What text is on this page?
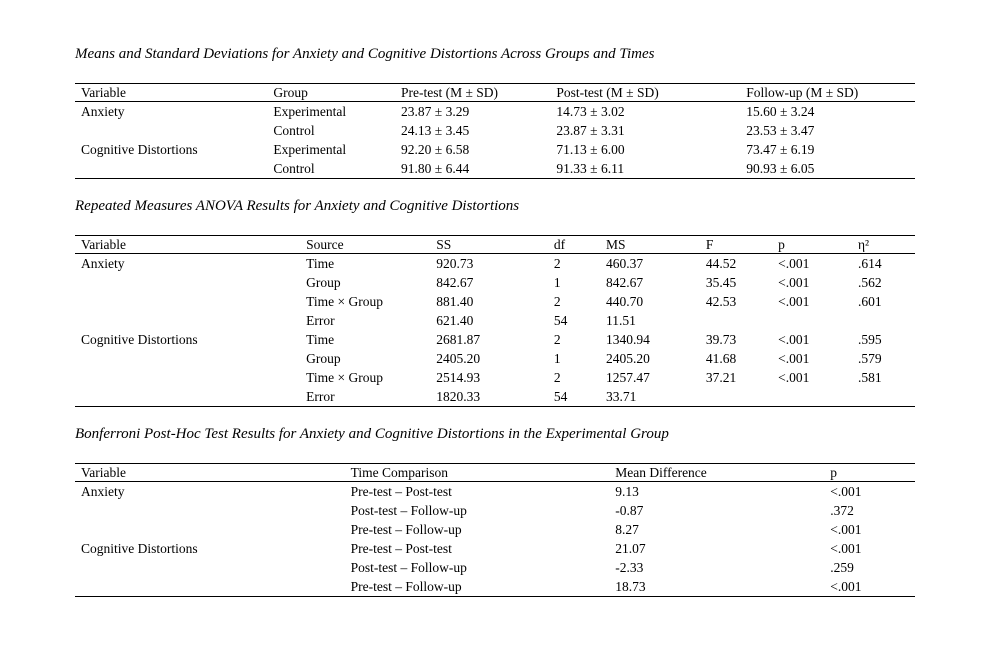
Means and Standard Deviations for Anxiety and Cognitive Distortions Across Groups and Times
Variable	Group	Pre-test (M ± SD)	Post-test (M ± SD)	Follow-up (M ± SD)
Anxiety	Experimental	23.87 ± 3.29	14.73 ± 3.02	15.60 ± 3.24
	Control	24.13 ± 3.45	23.87 ± 3.31	23.53 ± 3.47
Cognitive Distortions	Experimental	92.20 ± 6.58	71.13 ± 6.00	73.47 ± 6.19
	Control	91.80 ± 6.44	91.33 ± 6.11	90.93 ± 6.05
Repeated Measures ANOVA Results for Anxiety and Cognitive Distortions
Variable	Source	SS	df	MS	F	p	η²
Anxiety	Time	920.73	2	460.37	44.52	<.001	.614
	Group	842.67	1	842.67	35.45	<.001	.562
	Time × Group	881.40	2	440.70	42.53	<.001	.601
	Error	621.40	54	11.51			
Cognitive Distortions	Time	2681.87	2	1340.94	39.73	<.001	.595
	Group	2405.20	1	2405.20	41.68	<.001	.579
	Time × Group	2514.93	2	1257.47	37.21	<.001	.581
	Error	1820.33	54	33.71			
Bonferroni Post-Hoc Test Results for Anxiety and Cognitive Distortions in the Experimental Group
Variable	Time Comparison	Mean Difference	p
Anxiety	Pre-test – Post-test	9.13	<.001
	Post-test – Follow-up	-0.87	.372
	Pre-test – Follow-up	8.27	<.001
Cognitive Distortions	Pre-test – Post-test	21.07	<.001
	Post-test – Follow-up	-2.33	.259
	Pre-test – Follow-up	18.73	<.001
